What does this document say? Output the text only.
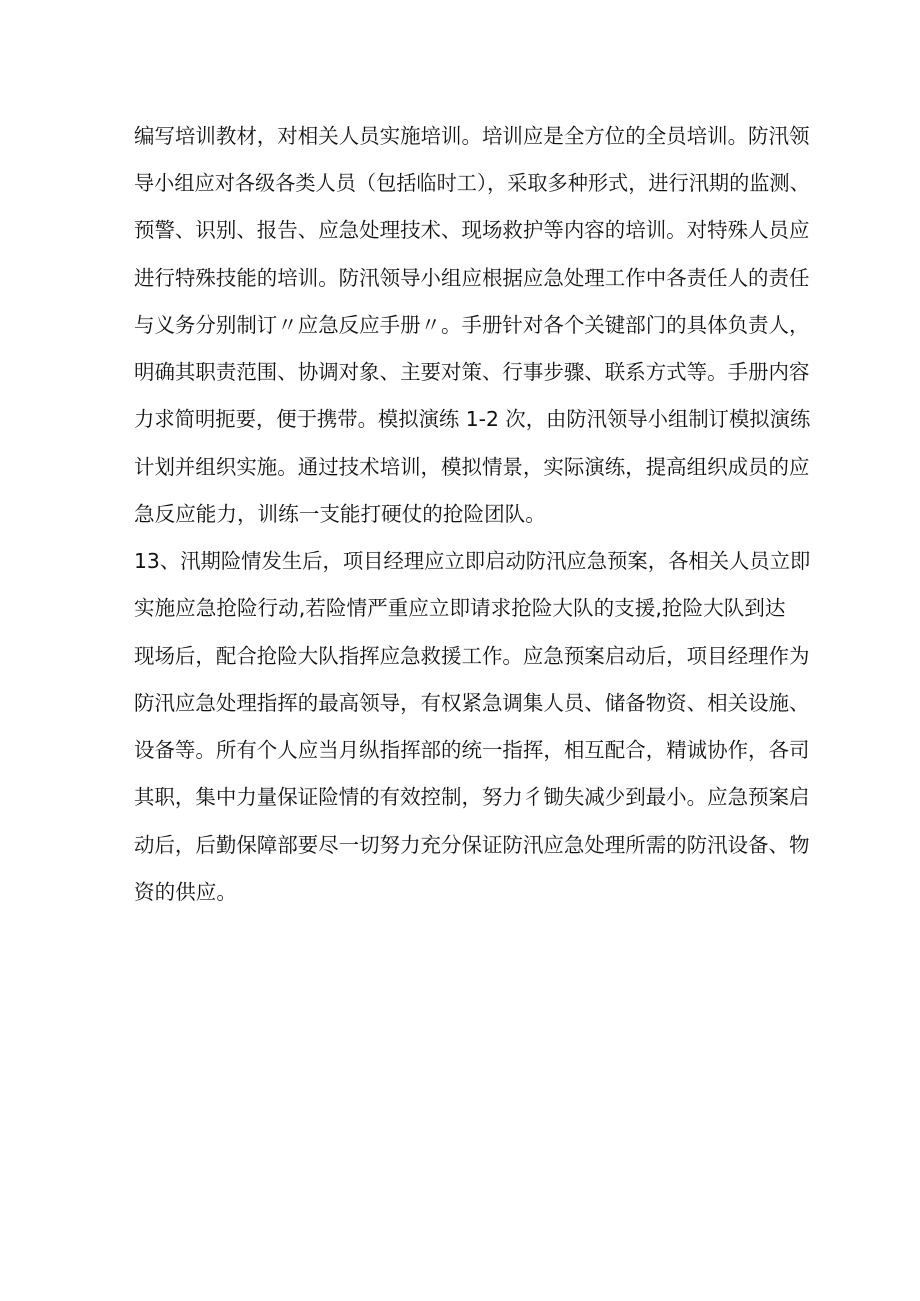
编写培训教材，对相关人员实施培训。培训应是全方位的全员培训。防汛领
导小组应对各级各类人员（包括临时工），采取多种形式，进行汛期的监测、
预警、识别、报告、应急处理技术、现场救护等内容的培训。对特殊人员应
进行特殊技能的培训。防汛领导小组应根据应急处理工作中各责任人的责任
与义务分别制订〃应急反应手册〃。手册针对各个关键部门的具体负责人，
明确其职责范围、协调对象、主要对策、行事步骤、联系方式等。手册内容
力求简明扼要，便于携带。模拟演练 1-2 次，由防汛领导小组制订模拟演练
计划并组织实施。通过技术培训，模拟情景，实际演练，提高组织成员的应
急反应能力，训练一支能打硬仗的抢险团队。
13、汛期险情发生后，项目经理应立即启动防汛应急预案，各相关人员立即
实施应急抢险行动,若险情严重应立即请求抢险大队的支援,抢险大队到达
现场后，配合抢险大队指挥应急救援工作。应急预案启动后，项目经理作为
防汛应急处理指挥的最高领导，有权紧急调集人员、储备物资、相关设施、
设备等。所有个人应当月纵指挥部的统一指挥，相互配合，精诚协作，各司
其职，集中力量保证险情的有效控制，努力彳锄失减少到最小。应急预案启
动后，后勤保障部要尽一切努力充分保证防汛应急处理所需的防汛设备、物
资的供应。
